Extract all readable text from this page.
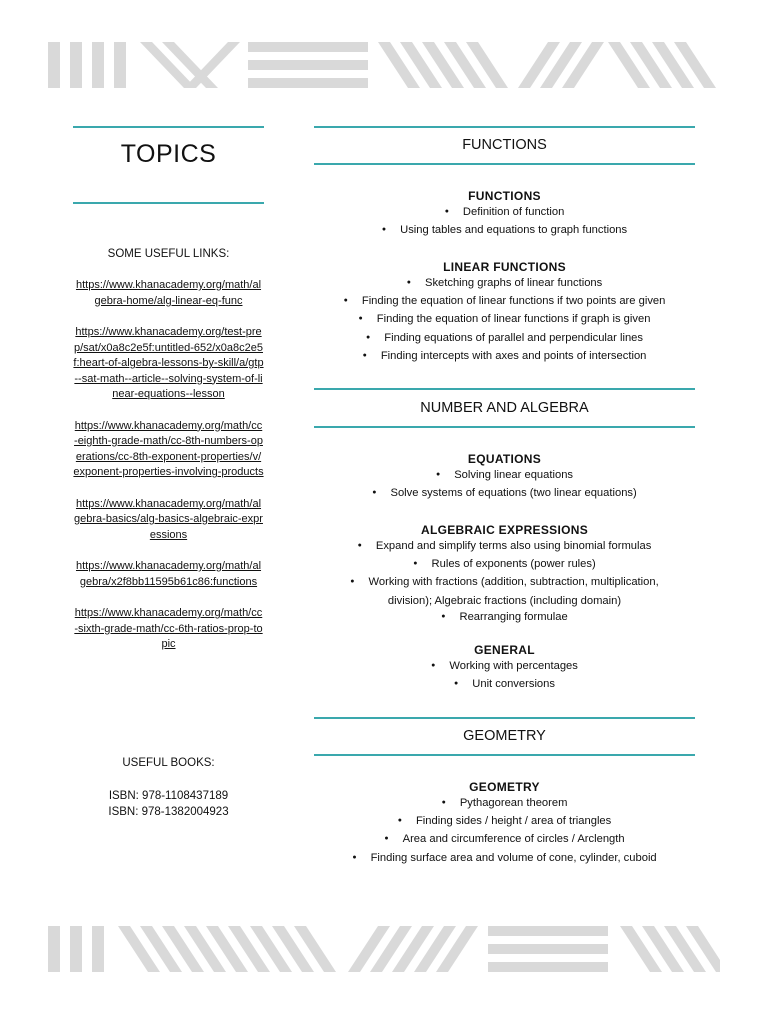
TOPICS
SOME USEFUL LINKS:
https://www.khanacademy.org/math/algebra-home/alg-linear-eq-func
https://www.khanacademy.org/test-prep/sat/x0a8c2e5f:untitled-652/x0a8c2e5f:heart-of-algebra-lessons-by-skill/a/gtp--sat-math--article--solving-system-of-linear-equations--lesson
https://www.khanacademy.org/math/cc-eighth-grade-math/cc-8th-numbers-operations/cc-8th-exponent-properties/v/exponent-properties-involving-products
https://www.khanacademy.org/math/algebra-basics/alg-basics-algebraic-expressions
https://www.khanacademy.org/math/algebra/x2f8bb11595b61c86:functions
https://www.khanacademy.org/math/cc-sixth-grade-math/cc-6th-ratios-prop-topic
USEFUL BOOKS:
ISBN: 978-1108437189
ISBN: 978-1382004923
FUNCTIONS
FUNCTIONS
● Definition of function
● Using tables and equations to graph functions
LINEAR FUNCTIONS
● Sketching graphs of linear functions
● Finding the equation of linear functions if two points are given
● Finding the equation of linear functions if graph is given
● Finding equations of parallel and perpendicular lines
● Finding intercepts with axes and points of intersection
NUMBER AND ALGEBRA
EQUATIONS
● Solving linear equations
● Solve systems of equations (two linear equations)
ALGEBRAIC EXPRESSIONS
● Expand and simplify terms also using binomial formulas
● Rules of exponents (power rules)
● Working with fractions (addition, subtraction, multiplication, division); Algebraic fractions (including domain)
● Rearranging formulae
GENERAL
● Working with percentages
● Unit conversions
GEOMETRY
GEOMETRY
● Pythagorean theorem
● Finding sides / height / area of triangles
● Area and circumference of circles / Arclength
● Finding surface area and volume of cone, cylinder, cuboid
